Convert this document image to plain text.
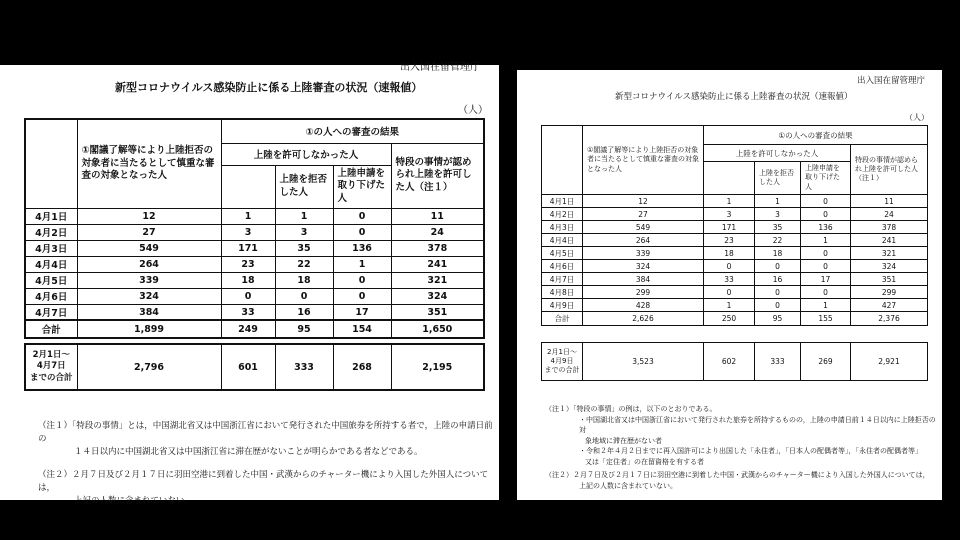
出入国在留管理庁
新型コロナウイルス感染防止に係る上陸審査の状況（速報値）
（人）
	①閣議了解等により上陸拒否の対象者に当たるとして慎重な審査の対象となった人	①の人への審査の結果			
		上陸を許可しなかった人			特段の事情が認められ上陸を許可した人（注１）
			上陸を拒否した人	上陸申請を取り下げた人	
4月1日	12	1	1	0	11
4月2日	27	3	3	0	24
4月3日	549	171	35	136	378
4月4日	264	23	22	1	241
4月5日	339	18	18	0	321
4月6日	324	0	0	0	324
4月7日	384	33	16	17	351
合計	1,899	249	95	154	1,650
2月1日～
4月7日
までの合計
	2,796	601	333	268	2,195
（注１）「特段の事情」とは，中国湖北省又は中国浙江省において発行された中国旅券を所持する者で，上陸の申請日前の
１４日以内に中国湖北省又は中国浙江省に滞在歴がないことが明らかである者などである。
（注２）２月７日及び２月１７日に羽田空港に到着した中国・武漢からのチャーター機により入国した外国人については，
上記の人数に含まれていない。
出入国在留管理庁
新型コロナウイルス感染防止に係る上陸審査の状況（速報値）
（人）
	①閣議了解等により上陸拒否の対象者に当たるとして慎重な審査の対象となった人	①の人への審査の結果			
		上陸を許可しなかった人			特段の事情が認められ上陸を許可した人（注１）
			上陸を拒否した人	上陸申請を取り下げた人	
4月1日	12	1	1	0	11
4月2日	27	3	3	0	24
4月3日	549	171	35	136	378
4月4日	264	23	22	1	241
4月5日	339	18	18	0	321
4月6日	324	0	0	0	324
4月7日	384	33	16	17	351
4月8日	299	0	0	0	299
4月9日	428	1	0	1	427
合計	2,626	250	95	155	2,376
2月1日～
4月9日
までの合計
	3,523	602	333	269	2,921
（注１）「特段の事情」の例は，以下のとおりである。
・中国湖北省又は中国浙江省において発行された旅券を所持するものの，上陸の申請日前１４日以内に上陸拒否の対
象地域に滞在歴がない者
・令和２年４月２日までに再入国許可により出国した「永住者」，「日本人の配偶者等」，「永住者の配偶者等」
又は「定住者」の在留資格を有する者
（注２）２月７日及び２月１７日に羽田空港に到着した中国・武漢からのチャーター機により入国した外国人については，
上記の人数に含まれていない。
